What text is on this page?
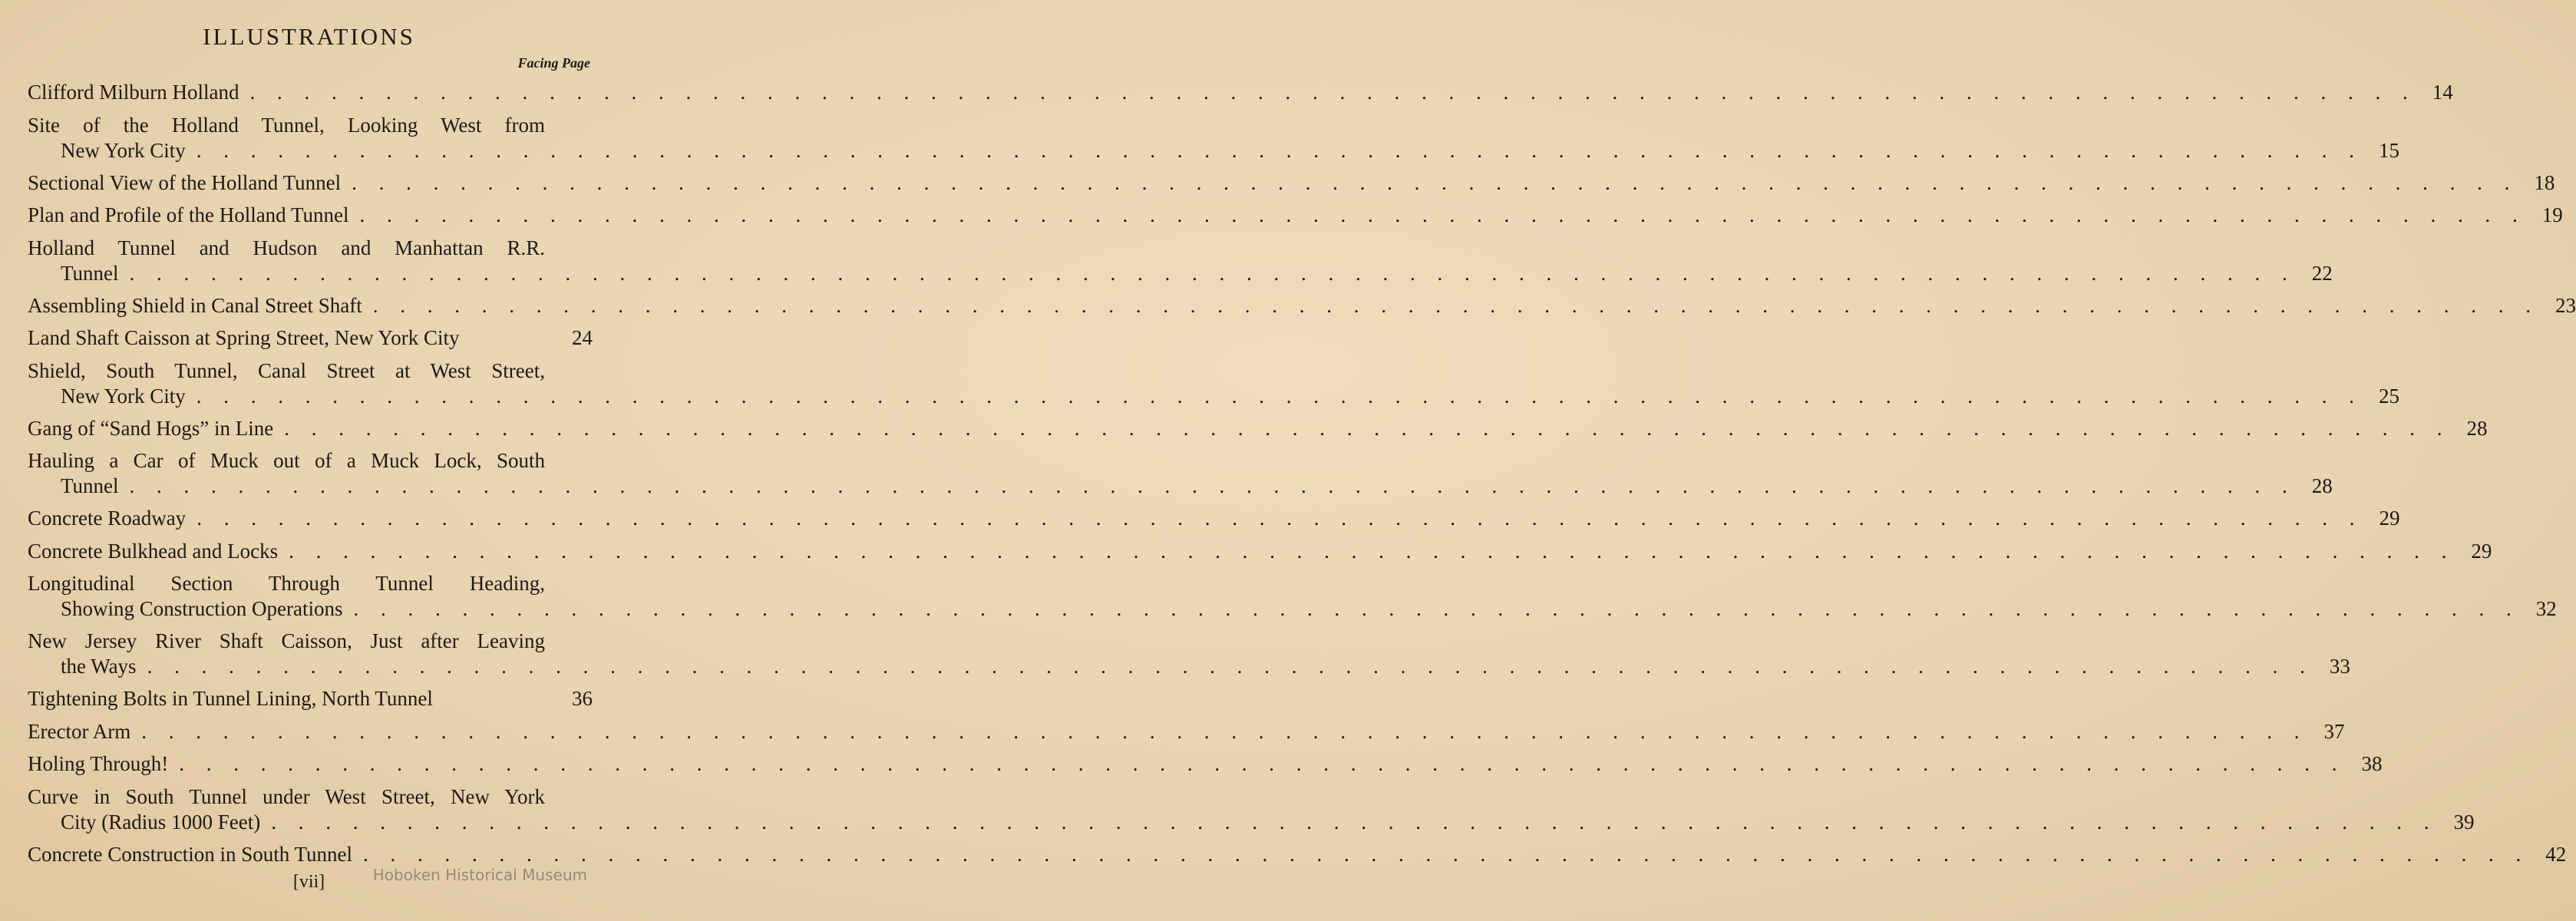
ILLUSTRATIONS
Facing Page
Clifford Milburn Holland . . . . . . . . . . . . . . . . . . . . . . . . . . . . . . . . . . . . . . . . . . . . . . . . . . . . . . . . . . . . . . . . . . . . . . . . . . . . . . . . 14
Site of the Holland Tunnel, Looking West from
New York City . . . . . . . . . . . . . . . . . . . . . . . . . . . . . . . . . . . . . . . . . . . . . . . . . . . . . . . . . . . . . . . . . . . . . . . . . . . . . . . . 15
Sectional View of the Holland Tunnel . . . . . . . . . . . . . . . . . . . . . . . . . . . . . . . . . . . . . . . . . . . . . . . . . . . . . . . . . . . . . . . . . . . . . . . . . . . . . . . . 18
Plan and Profile of the Holland Tunnel . . . . . . . . . . . . . . . . . . . . . . . . . . . . . . . . . . . . . . . . . . . . . . . . . . . . . . . . . . . . . . . . . . . . . . . . . . . . . . . . 19
Holland Tunnel and Hudson and Manhattan R.R.
Tunnel . . . . . . . . . . . . . . . . . . . . . . . . . . . . . . . . . . . . . . . . . . . . . . . . . . . . . . . . . . . . . . . . . . . . . . . . . . . . . . . . 22
Assembling Shield in Canal Street Shaft . . . . . . . . . . . . . . . . . . . . . . . . . . . . . . . . . . . . . . . . . . . . . . . . . . . . . . . . . . . . . . . . . . . . . . . . . . . . . . . . 23
Land Shaft Caisson at Spring Street, New York City	24
Shield, South Tunnel, Canal Street at West Street,
New York City . . . . . . . . . . . . . . . . . . . . . . . . . . . . . . . . . . . . . . . . . . . . . . . . . . . . . . . . . . . . . . . . . . . . . . . . . . . . . . . . 25
Gang of “Sand Hogs” in Line . . . . . . . . . . . . . . . . . . . . . . . . . . . . . . . . . . . . . . . . . . . . . . . . . . . . . . . . . . . . . . . . . . . . . . . . . . . . . . . . 28
Hauling a Car of Muck out of a Muck Lock, South
Tunnel . . . . . . . . . . . . . . . . . . . . . . . . . . . . . . . . . . . . . . . . . . . . . . . . . . . . . . . . . . . . . . . . . . . . . . . . . . . . . . . . 28
Concrete Roadway . . . . . . . . . . . . . . . . . . . . . . . . . . . . . . . . . . . . . . . . . . . . . . . . . . . . . . . . . . . . . . . . . . . . . . . . . . . . . . . . 29
Concrete Bulkhead and Locks . . . . . . . . . . . . . . . . . . . . . . . . . . . . . . . . . . . . . . . . . . . . . . . . . . . . . . . . . . . . . . . . . . . . . . . . . . . . . . . . 29
Longitudinal Section Through Tunnel Heading,
Showing Construction Operations . . . . . . . . . . . . . . . . . . . . . . . . . . . . . . . . . . . . . . . . . . . . . . . . . . . . . . . . . . . . . . . . . . . . . . . . . . . . . . . . 32
New Jersey River Shaft Caisson, Just after Leaving
the Ways . . . . . . . . . . . . . . . . . . . . . . . . . . . . . . . . . . . . . . . . . . . . . . . . . . . . . . . . . . . . . . . . . . . . . . . . . . . . . . . . 33
Tightening Bolts in Tunnel Lining, North Tunnel	36
Erector Arm . . . . . . . . . . . . . . . . . . . . . . . . . . . . . . . . . . . . . . . . . . . . . . . . . . . . . . . . . . . . . . . . . . . . . . . . . . . . . . . . 37
Holing Through! . . . . . . . . . . . . . . . . . . . . . . . . . . . . . . . . . . . . . . . . . . . . . . . . . . . . . . . . . . . . . . . . . . . . . . . . . . . . . . . . 38
Curve in South Tunnel under West Street, New York
City (Radius 1000 Feet) . . . . . . . . . . . . . . . . . . . . . . . . . . . . . . . . . . . . . . . . . . . . . . . . . . . . . . . . . . . . . . . . . . . . . . . . . . . . . . . . 39
Concrete Construction in South Tunnel . . . . . . . . . . . . . . . . . . . . . . . . . . . . . . . . . . . . . . . . . . . . . . . . . . . . . . . . . . . . . . . . . . . . . . . . . . . . . . . . 42
[vii]	Hoboken Historical Museum
